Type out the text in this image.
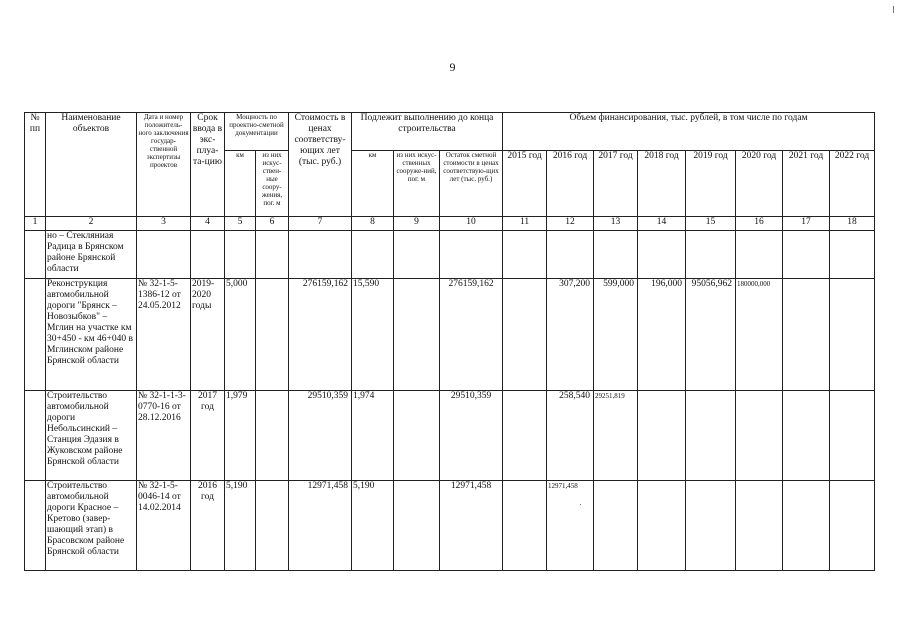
9
№ пп	Наименование объектов	Дата и номер положитель-ного заключения государ-ственной экспертизы проектов	Срок ввода в экс-плуа-та-цию	Мощность по проектно-сметной документации		Стоимость в ценах соответству-ющих лет (тыс. руб.)	Подлежит выполнению до конца строительства			Объем финансирования, тыс. рублей, в том числе по годам							
				км	из них искус-ствен-ные соору-жения, пог. м		км	из них искус-ственных сооруже-ний, пог. м	Остаток сметной стоимости в ценах соответствую-щих лет (тыс. руб.)	2015 год	2016 год	2017 год	2018 год	2019 год	2020 год	2021 год	2022 год
1	2	3	4	5	6	7	8	9	10	11	12	13	14	15	16	17	18
	но – Стекляниая Радица в Брянском районе Брянской области																
	Реконструкция автомобильной дороги "Брянск – Новозыбков" – Мглин на участке км 30+450 - км 46+040 в Мглинском районе Брянской области	№ 32-1-5-1386-12 от 24.05.2012	2019-2020 годы	5,000		276159,162	15,590		276159,162		307,200	599,000	196,000	95056,962	180000,000		
	Строительство автомобильной дороги Небольсинский – Станция Эдазия в Жуковском районе Брянской области	№ 32-1-1-3-0770-16 от 28.12.2016	2017 год	1,979		29510,359	1,974		29510,359		258,540	29251,819					
	Строительство автомобильной дороги Красное – Кретово (завер-шающий этап) в Брасовском районе Брянской области	№ 32-1-5-0046-14 от 14.02.2014	2016 год	5,190		12971,458	5,190		12971,458		12971,458						
